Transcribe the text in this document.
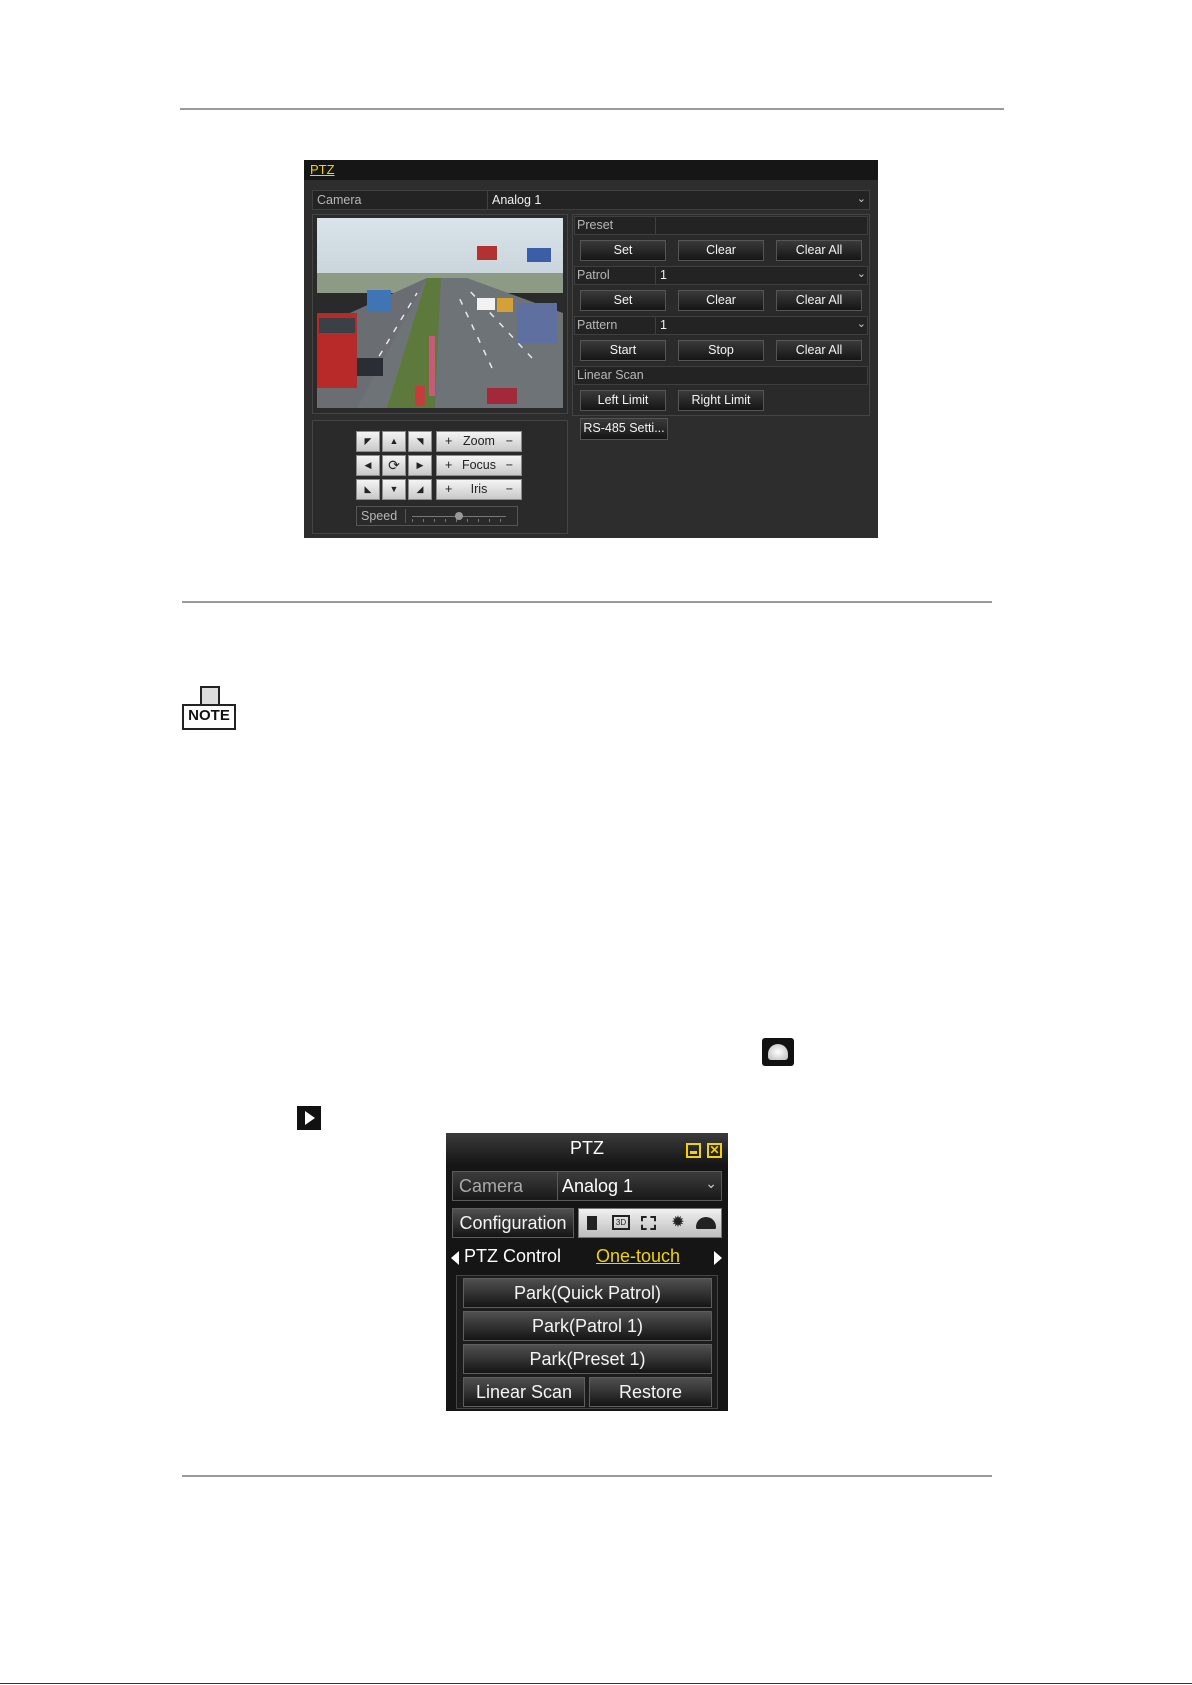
PTZ
Camera	Analog 1	⌄
Preset
Set	Clear	Clear All
Patrol	1	⌄
Set	Clear	Clear All
Pattern	1	⌄
Start	Stop	Clear All
Linear Scan
Left Limit	Right Limit
RS-485 Setti...
◤	▲	◥
◀	⟳	▶
◣	▼	◢
+ Zoom −
+ Focus −
+	Iris	−
Speed
NOTE
PTZ	✕
Camera Analog 1	⌄
Configuration	3D	✹
PTZ Control One-touch
Park(Quick Patrol)
Park(Patrol 1)
Park(Preset 1)
Linear Scan	Restore
